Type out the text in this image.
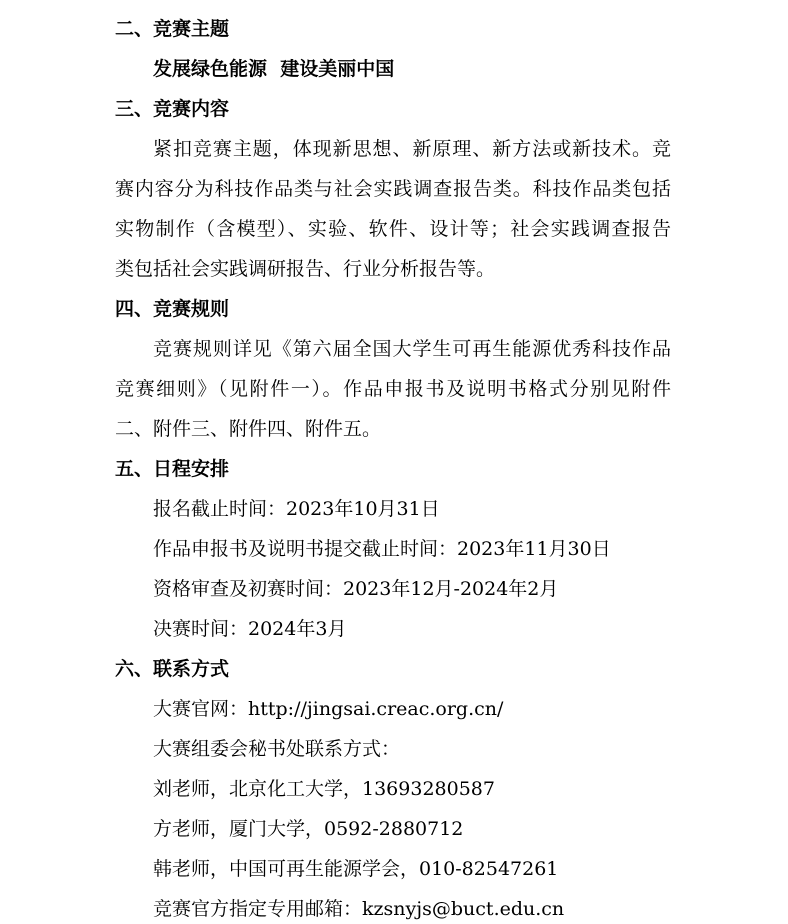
二、竞赛主题
发展绿色能源  建设美丽中国
三、竞赛内容
紧扣竞赛主题，体现新思想、新原理、新方法或新技术。竞
赛内容分为科技作品类与社会实践调查报告类。科技作品类包括
实物制作（含模型）、实验、软件、设计等；社会实践调查报告
类包括社会实践调研报告、行业分析报告等。
四、竞赛规则
竞赛规则详见《第六届全国大学生可再生能源优秀科技作品
竞赛细则》（见附件一）。作品申报书及说明书格式分别见附件
二、附件三、附件四、附件五。
五、日程安排
报名截止时间：2023年10月31日
作品申报书及说明书提交截止时间：2023年11月30日
资格审查及初赛时间：2023年12月-2024年2月
决赛时间：2024年3月
六、联系方式
大赛官网：http://jingsai.creac.org.cn/
大赛组委会秘书处联系方式：
刘老师，北京化工大学，13693280587
方老师，厦门大学，0592-2880712
韩老师，中国可再生能源学会，010-82547261
竞赛官方指定专用邮箱：kzsnyjs@buct.edu.cn
